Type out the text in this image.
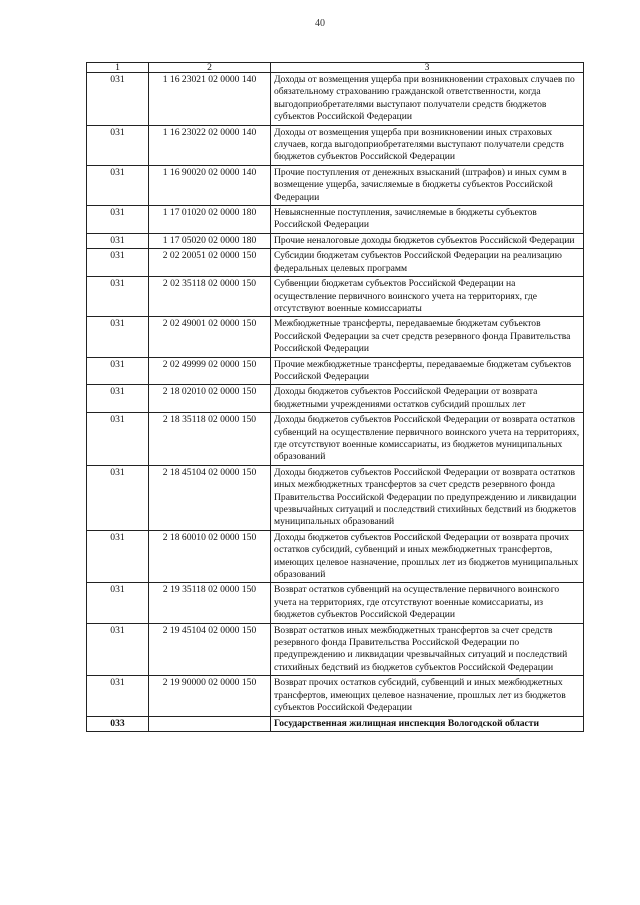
40
1	2	3
031	1 16 23021 02 0000 140	Доходы от возмещения ущерба при возникновении страховых случаев по обязательному страхованию гражданской ответственности, когда выгодоприобретателями выступают получатели средств бюджетов субъектов Российской Федерации
031	1 16 23022 02 0000 140	Доходы от возмещения ущерба при возникновении иных страховых случаев, когда выгодоприобретателями выступают получатели средств бюджетов субъектов Российской Федерации
031	1 16 90020 02 0000 140	Прочие поступления от денежных взысканий (штрафов) и иных сумм в возмещение ущерба, зачисляемые в бюджеты субъектов Российской Федерации
031	1 17 01020 02 0000 180	Невыясненные поступления, зачисляемые в бюджеты субъектов Российской Федерации
031	1 17 05020 02 0000 180	Прочие неналоговые доходы бюджетов субъектов Российской Федерации
031	2 02 20051 02 0000 150	Субсидии бюджетам субъектов Российской Федерации на реализацию федеральных целевых программ
031	2 02 35118 02 0000 150	Субвенции бюджетам субъектов Российской Федерации на осуществление первичного воинского учета на территориях, где отсутствуют военные комиссариаты
031	2 02 49001 02 0000 150	Межбюджетные трансферты, передаваемые бюджетам субъектов Российской Федерации за счет средств резервного фонда Правительства Российской Федерации
031	2 02 49999 02 0000 150	Прочие межбюджетные трансферты, передаваемые бюджетам субъектов Российской Федерации
031	2 18 02010 02 0000 150	Доходы бюджетов субъектов Российской Федерации от возврата бюджетными учреждениями остатков субсидий прошлых лет
031	2 18 35118 02 0000 150	Доходы бюджетов субъектов Российской Федерации от возврата остатков субвенций на осуществление первичного воинского учета на территориях, где отсутствуют военные комиссариаты, из бюджетов муниципальных образований
031	2 18 45104 02 0000 150	Доходы бюджетов субъектов Российской Федерации от возврата остатков иных межбюджетных трансфертов за счет средств резервного фонда Правительства Российской Федерации по предупреждению и ликвидации чрезвычайных ситуаций и последствий стихийных бедствий из бюджетов муниципальных образований
031	2 18 60010 02 0000 150	Доходы бюджетов субъектов Российской Федерации от возврата прочих остатков субсидий, субвенций и иных межбюджетных трансфертов, имеющих целевое назначение, прошлых лет из бюджетов муниципальных образований
031	2 19 35118 02 0000 150	Возврат остатков субвенций на осуществление первичного воинского учета на территориях, где отсутствуют военные комиссариаты, из бюджетов субъектов Российской Федерации
031	2 19 45104 02 0000 150	Возврат остатков иных межбюджетных трансфертов за счет средств резервного фонда Правительства Российской Федерации по предупреждению и ликвидации чрезвычайных ситуаций и последствий стихийных бедствий из бюджетов субъектов Российской Федерации
031	2 19 90000 02 0000 150	Возврат прочих остатков субсидий, субвенций и иных межбюджетных трансфертов, имеющих целевое назначение, прошлых лет из бюджетов субъектов Российской Федерации
033		Государственная жилищная инспекция Вологодской области
